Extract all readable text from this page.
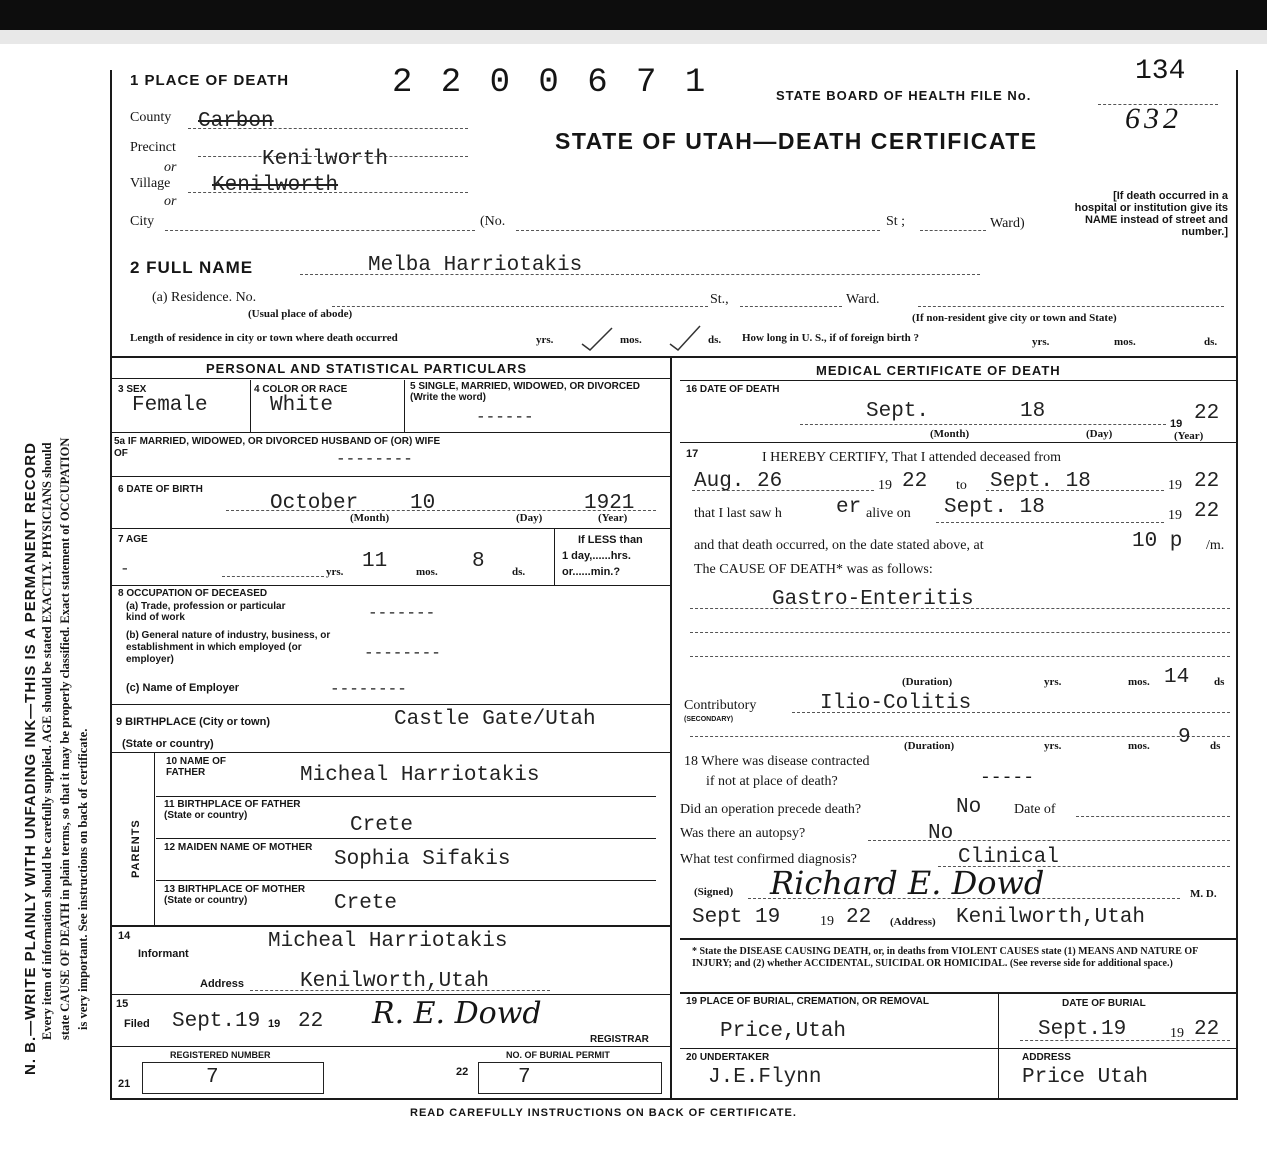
N. B.—WRITE PLAINLY WITH UNFADING INK—THIS IS A PERMANENT RECORD Every item of information should be carefully supplied. AGE should be stated EXACTLY. PHYSICIANS should state CAUSE OF DEATH in plain terms, so that it may be properly classified. Exact statement of OCCUPATION is very important. See instructions on back of certificate.
1 PLACE OF DEATH	2 2 0 0 6 7 1	STATE BOARD OF HEALTH FILE No.
134
632
STATE OF UTAH—DEATH CERTIFICATE
[If death occurred in a hospital or institution give its NAME instead of street and number.]
County Carbon
Precinct
Kenilworth
or
Village Kenilworth
or
City	(No.	St ;	Ward)
2 FULL NAME	Melba Harriotakis
(a) Residence. No.	St.,	Ward.
(Usual place of abode)	(If non-resident give city or town and State)
Length of residence in city or town where death occurred	yrs.	mos.	ds. How long in U. S., if of foreign birth ?	yrs.	mos.	ds.
PERSONAL AND STATISTICAL PARTICULARS
3 SEX
Female
4 COLOR OR RACE
White
5 SINGLE, MARRIED, WIDOWED, OR DIVORCED (Write the word)
------
5a IF MARRIED, WIDOWED, OR DIVORCED HUSBAND OF (OR) WIFE OF	--------
6 DATE OF BIRTH
October 10	1921
(Month)	(Day)	(Year)
7 AGE
-	yrs. 11	mos. 8 ds.
If LESS than
1 day,......hrs.
or......min.?
8 OCCUPATION OF DECEASED
(a) Trade, profession or particular kind of work	-------
(b) General nature of industry, business, or establishment in which employed (or employer)	--------
(c) Name of Employer	--------
9 BIRTHPLACE (City or town)	Castle Gate/Utah
(State or country)
PARENTS
10 NAME OF FATHER	Micheal Harriotakis
11 BIRTHPLACE OF FATHER (State or country)	Crete
12 MAIDEN NAME OF MOTHER
Sophia Sifakis
13 BIRTHPLACE OF MOTHER (State or country)	Crete
14
Informant
Micheal Harriotakis
Address	Kenilworth,Utah
15
Filed Sept.19 19 22 R. E. Dowd
REGISTRAR
REGISTERED NUMBER
21	7
NO. OF BURIAL PERMIT
22 7
MEDICAL CERTIFICATE OF DEATH
16 DATE OF DEATH
Sept.	18
19 22
(Month)	(Day)	(Year)
17	I HEREBY CERTIFY, That I attended deceased from
Aug. 26	19 22 to Sept. 18	19 22
that I last saw h	er alive on Sept. 18	19 22
and that death occurred, on the date stated above, at	10 p /m.
The CAUSE OF DEATH* was as follows:
Gastro-Enteritis
(Duration)	yrs.	mos. 14 ds
Contributory
(SECONDARY)
Ilio-Colitis
(Duration)	yrs.	mos. 9 ds
18 Where was disease contracted
if not at place of death?	-----
Did an operation precede death?	No Date of
Was there an autopsy?	No
What test confirmed diagnosis?	Clinical
(Signed) Richard E. Dowd	M. D.
Sept 19	19 22 (Address) Kenilworth,Utah
* State the DISEASE CAUSING DEATH, or, in deaths from VIOLENT CAUSES state (1) MEANS AND NATURE OF INJURY; and (2) whether ACCIDENTAL, SUICIDAL OR HOMICIDAL. (See reverse side for additional space.)
19 PLACE OF BURIAL, CREMATION, OR REMOVAL
Price,Utah
DATE OF BURIAL
Sept.19	19 22
20 UNDERTAKER
J.E.Flynn
ADDRESS
Price Utah
READ CAREFULLY INSTRUCTIONS ON BACK OF CERTIFICATE.
